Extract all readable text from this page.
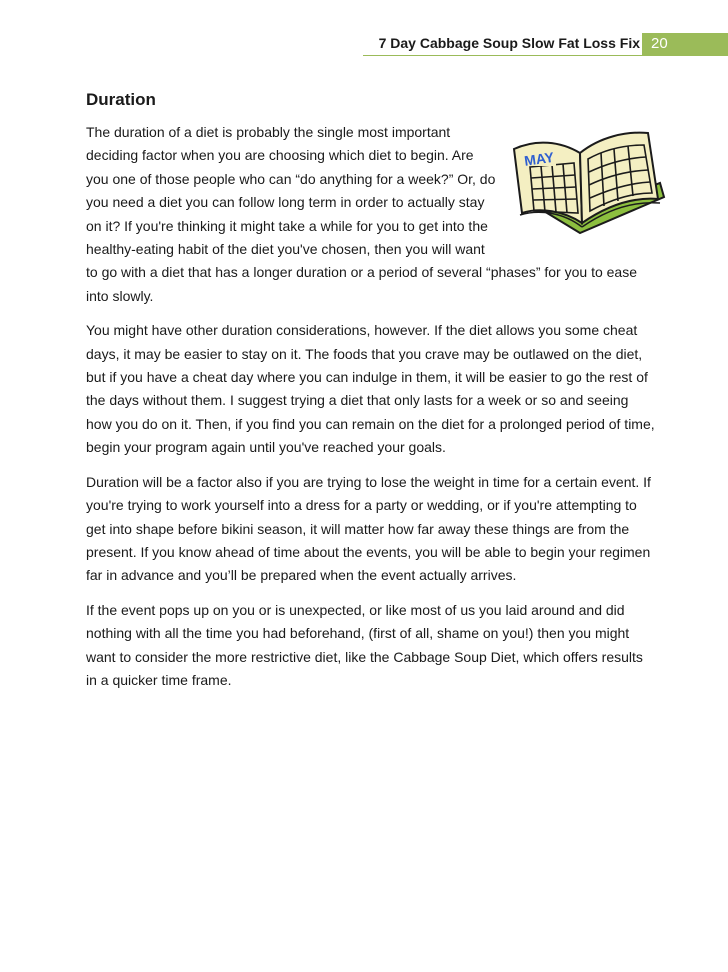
7 Day Cabbage Soup Slow Fat Loss Fix 20
Duration
MAY

The duration of a diet is probably the single most important deciding factor when you are choosing which diet to begin. Are you one of those people who can “do anything for a week?” Or, do you need a diet you can follow long term in order to actually stay on it? If you're thinking it might take a while for you to get into the healthy-eating habit of the diet you've chosen, then you will want to go with a diet that has a longer duration or a period of several “phases” for you to ease into slowly.

You might have other duration considerations, however. If the diet allows you some cheat days, it may be easier to stay on it. The foods that you crave may be outlawed on the diet, but if you have a cheat day where you can indulge in them, it will be easier to go the rest of the days without them. I suggest trying a diet that only lasts for a week or so and seeing how you do on it. Then, if you find you can remain on the diet for a prolonged period of time, begin your program again until you've reached your goals.

Duration will be a factor also if you are trying to lose the weight in time for a certain event. If you're trying to work yourself into a dress for a party or wedding, or if you're attempting to get into shape before bikini season, it will matter how far away these things are from the present. If you know ahead of time about the events, you will be able to begin your regimen far in advance and you’ll be prepared when the event actually arrives.

If the event pops up on you or is unexpected, or like most of us you laid around and did nothing with all the time you had beforehand, (first of all, shame on you!) then you might want to consider the more restrictive diet, like the Cabbage Soup Diet, which offers results in a quicker time frame.
